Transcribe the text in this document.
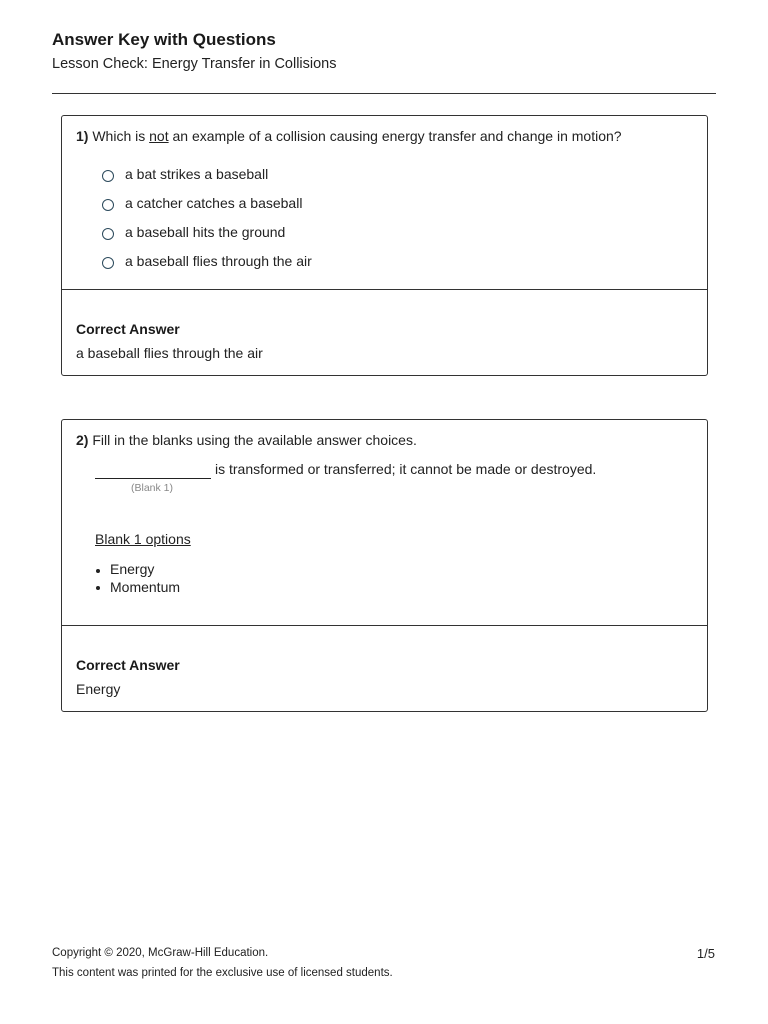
Answer Key with Questions

Lesson Check: Energy Transfer in Collisions

1) Which is not an example of a collision causing energy transfer and change in motion?
a bat strikes a baseball
a catcher catches a baseball
a baseball hits the ground
a baseball flies through the air
Correct Answer
a baseball flies through the air
2) Fill in the blanks using the available answer choices.
(Blank 1)
is transformed or transferred; it cannot be made or destroyed.
Blank 1 options
Energy
Momentum
Correct Answer
Energy
Copyright © 2020, McGraw-Hill Education.
This content was printed for the exclusive use of licensed students.
1/5
